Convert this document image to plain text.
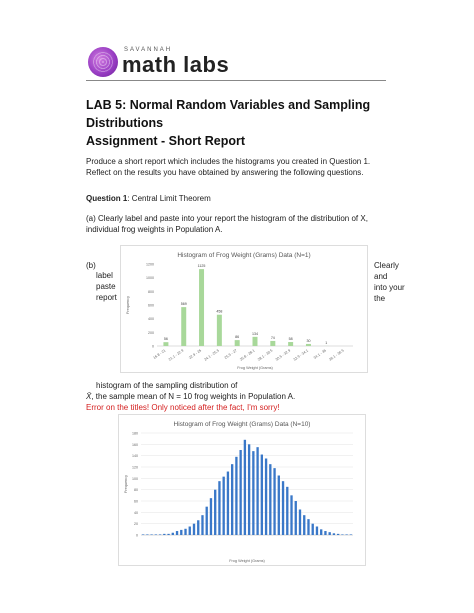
SAVANNAH
math labs
LAB 5: Normal Random Variables and Sampling Distributions
Assignment - Short Report
Produce a short report which includes the histograms you created in Question 1. Reflect on the results you have obtained by answering the following questions.
Question 1: Central Limit Theorem
(a) Clearly label and paste into your report the histogram of the distribution of X, individual frog weights in Population A.
Histogram of Frog Weight (Grams) Data (N=1)
0
200
400
600
800
1000
1200
Frequency
56
569
1125
458
86
134
74	58	30	1
16.8 - 21 21.1 - 22.9 22.9 - 26 24.1 - 25.5 25.5 - 27 25.8 - 28.1 28.1 - 30.5 30.5 - 32.9 32.9 - 34.1 34.1 - 36 36.1 - 36.5
Frog Weight (Grams)
(b)
label
paste
report
Clearly
and
into your
the
histogram of the sampling distribution of
X̄, the sample mean of N = 10 frog weights in Population A.
Error on the titles! Only noticed after the fact, I'm sorry!
Histogram of Frog Weight (Grams) Data (N=10)
0
20
40
60
80
100
120
140
160
180
Frequency
Frog Weight (Grams)
